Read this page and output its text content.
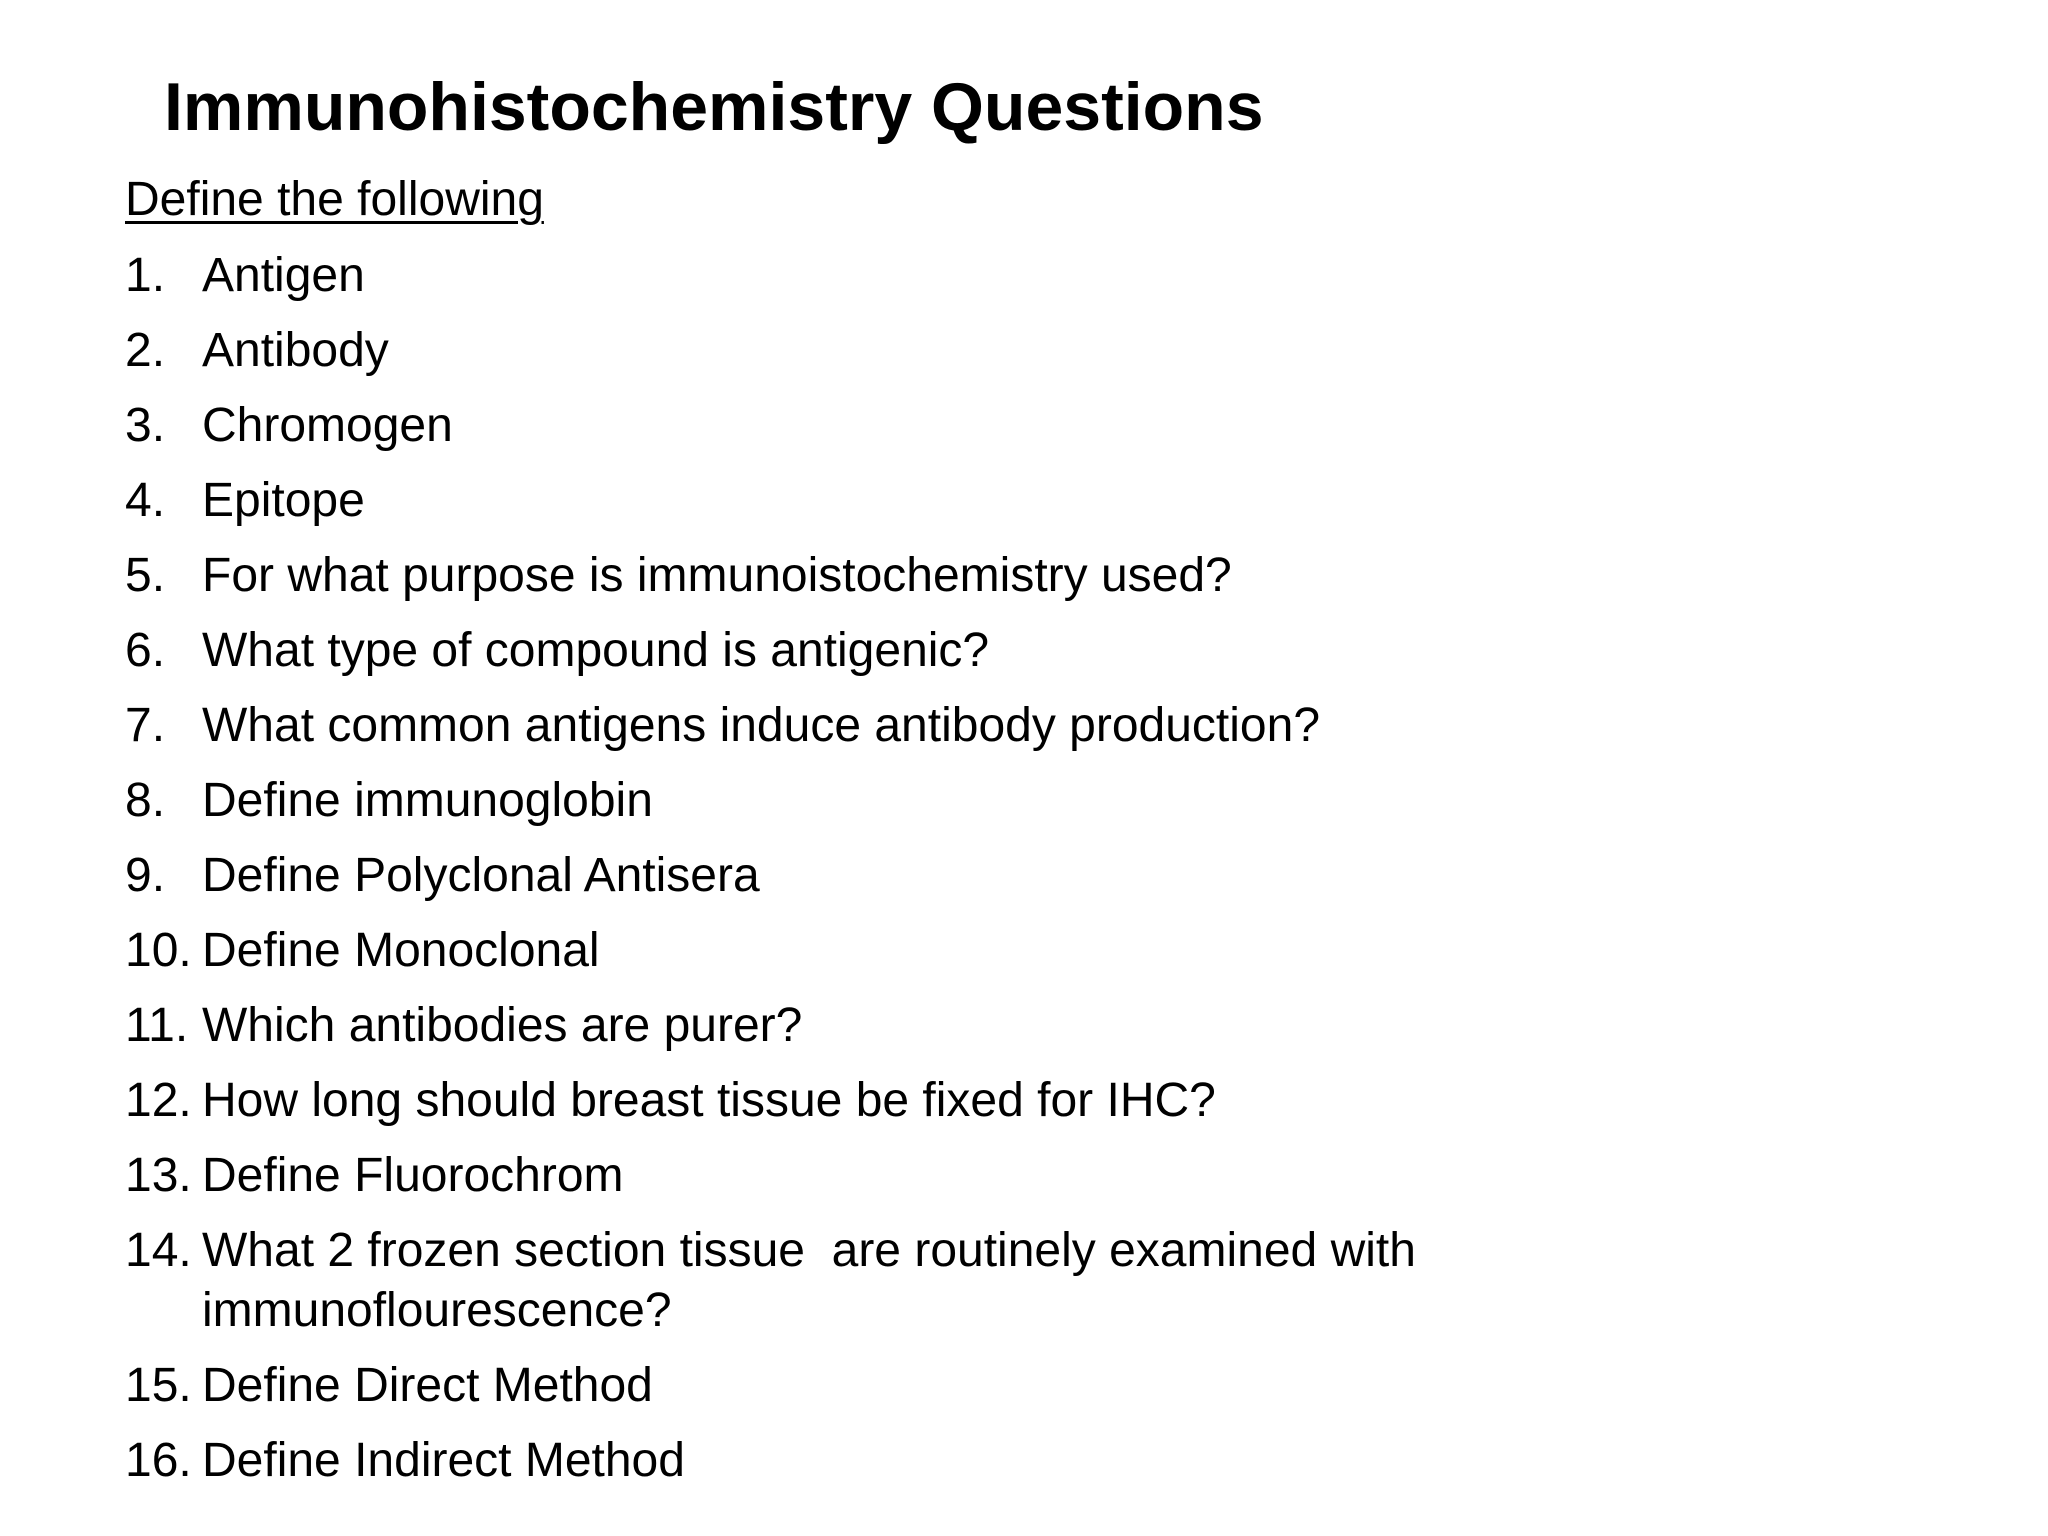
Immunohistochemistry Questions
Define the following
1. Antigen
2. Antibody
3. Chromogen
4. Epitope
5. For what purpose is immunoistochemistry used?
6. What type of compound is antigenic?
7. What common antigens induce antibody production?
8. Define immunoglobin
9. Define Polyclonal Antisera
10. Define Monoclonal
11. Which antibodies are purer?
12. How long should breast tissue be fixed for IHC?
13. Define Fluorochrom
14. What 2 frozen section tissue  are routinely examined with immunoflourescence?
15. Define Direct Method
16. Define Indirect Method
